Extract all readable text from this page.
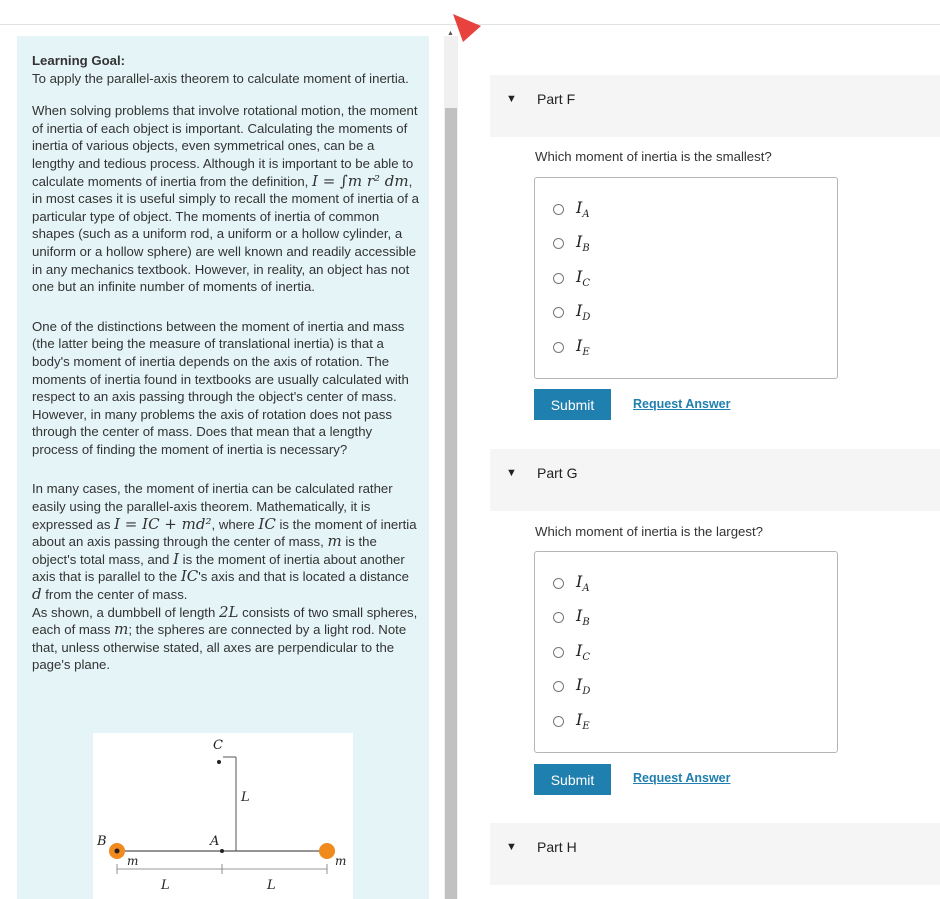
Learning Goal:

To apply the parallel-axis theorem to calculate moment of inertia.

When solving problems that involve rotational motion, the moment of inertia of each object is important. Calculating the moments of inertia of various objects, even symmetrical ones, can be a lengthy and tedious process. Although it is important to be able to calculate moments of inertia from the definition, I = ∫m r² dm, in most cases it is useful simply to recall the moment of inertia of a particular type of object. The moments of inertia of common shapes (such as a uniform rod, a uniform or a hollow cylinder, a uniform or a hollow sphere) are well known and readily accessible in any mechanics textbook. However, in reality, an object has not one but an infinite number of moments of inertia.

One of the distinctions between the moment of inertia and mass (the latter being the measure of translational inertia) is that a body's moment of inertia depends on the axis of rotation. The moments of inertia found in textbooks are usually calculated with respect to an axis passing through the object's center of mass. However, in many problems the axis of rotation does not pass through the center of mass. Does that mean that a lengthy process of finding the moment of inertia is necessary?

In many cases, the moment of inertia can be calculated rather easily using the parallel-axis theorem. Mathematically, it is expressed as I = IC + md², where IC is the moment of inertia about an axis passing through the center of mass, m is the object's total mass, and I is the moment of inertia about another axis that is parallel to the IC's axis and that is located a distance d from the center of mass.

As shown, a dumbbell of length 2L consists of two small spheres, each of mass m; the spheres are connected by a light rod. Note that, unless otherwise stated, all axes are perpendicular to the page's plane.

C
L
A
B
m	m
L	L
▲
▼ Part F
Which moment of inertia is the smallest?
$I_A$
$I_B$
$I_C$
$I_D$
$I_E$
Submit	Request Answer
▼ Part G
Which moment of inertia is the largest?
$I_A$
$I_B$
$I_C$
$I_D$
$I_E$
Submit	Request Answer
▼ Part H
